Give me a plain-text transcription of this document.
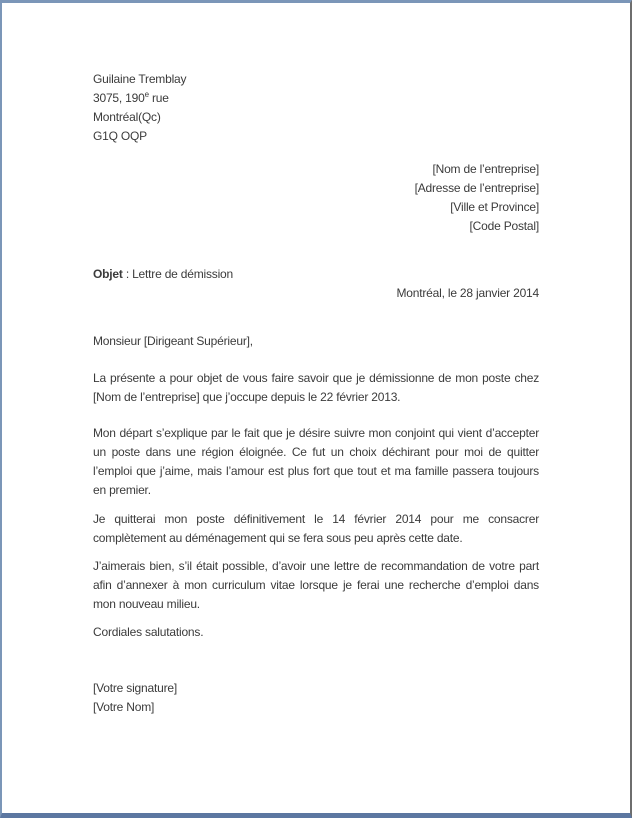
Guilaine Tremblay
3075, 190e rue
Montréal(Qc)
G1Q OQP
[Nom de l’entreprise]
[Adresse de l’entreprise]
[Ville et Province]
[Code Postal]
Objet : Lettre de démission
Montréal, le 28 janvier 2014
Monsieur [Dirigeant Supérieur],

La présente a pour objet de vous faire savoir que je démissionne de mon poste chez [Nom de l’entreprise] que j’occupe depuis le 22 février 2013.

Mon départ s’explique par le fait que je désire suivre mon conjoint qui vient d’accepter un poste dans une région éloignée. Ce fut un choix déchirant pour moi de quitter l’emploi que j’aime, mais l’amour est plus fort que tout et ma famille passera toujours en premier.

Je quitterai mon poste définitivement le 14 février 2014 pour me consacrer complètement au déménagement qui se fera sous peu après cette date.

J’aimerais bien, s’il était possible, d’avoir une lettre de recommandation de votre part afin d’annexer à mon curriculum vitae lorsque je ferai une recherche d’emploi dans mon nouveau milieu.

Cordiales salutations.
[Votre signature]
[Votre Nom]
